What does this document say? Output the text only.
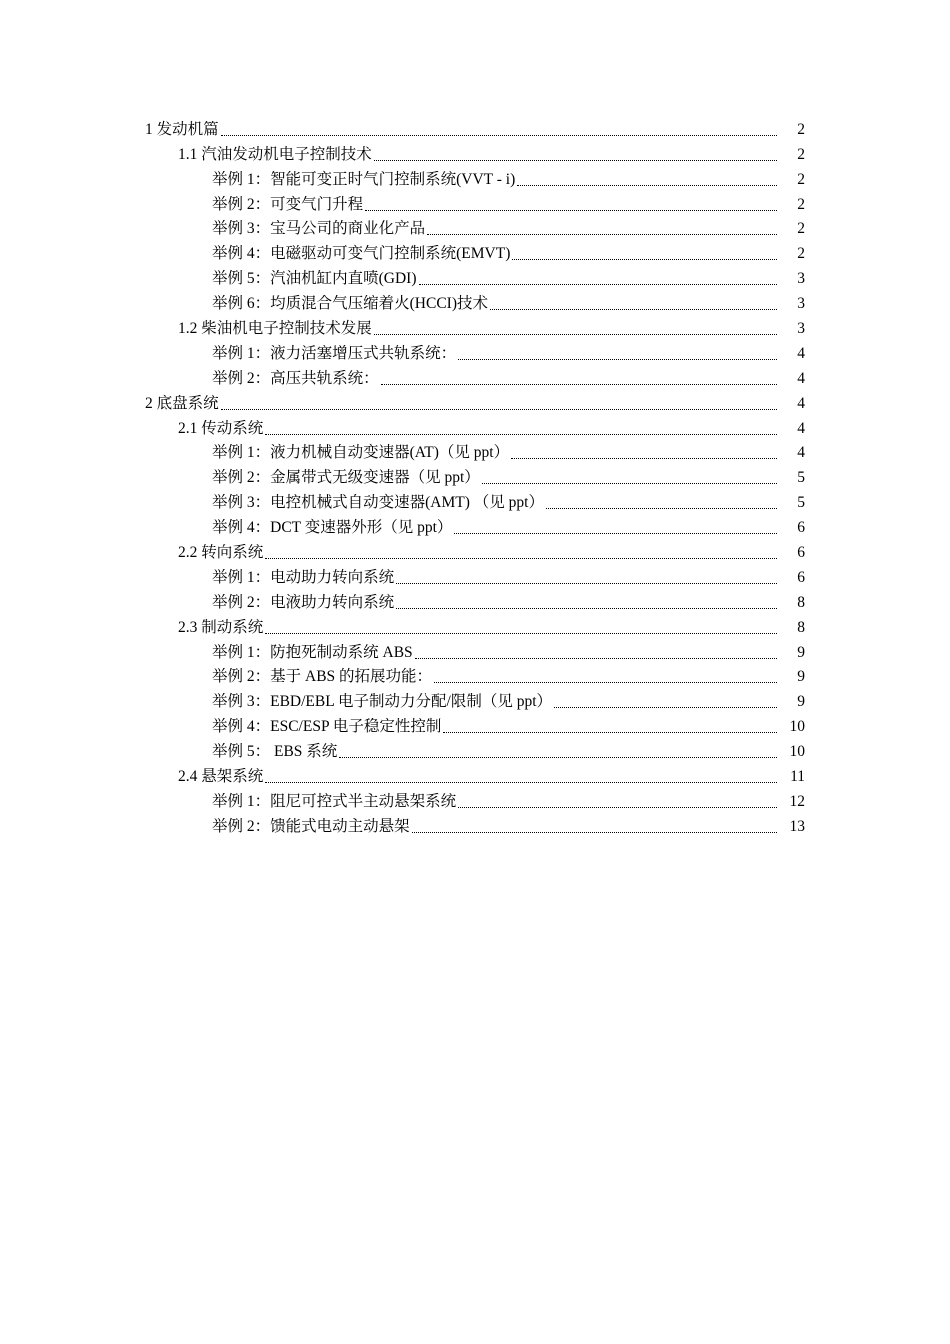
1 发动机篇	2
1.1 汽油发动机电子控制技术	2
举例 1：智能可变正时气门控制系统(VVT - i)	2
举例 2：可变气门升程	2
举例 3：宝马公司的商业化产品	2
举例 4：电磁驱动可变气门控制系统(EMVT)	2
举例 5：汽油机缸内直喷(GDI)	3
举例 6：均质混合气压缩着火(HCCI)技术	3
1.2 柴油机电子控制技术发展	3
举例 1：液力活塞增压式共轨系统：	4
举例 2：高压共轨系统：	4
2 底盘系统	4
2.1 传动系统	4
举例 1：液力机械自动变速器(AT)（见 ppt）	4
举例 2：金属带式无级变速器（见 ppt）	5
举例 3：电控机械式自动变速器(AMT) （见 ppt）	5
举例 4：DCT 变速器外形（见 ppt）	6
2.2 转向系统	6
举例 1：电动助力转向系统	6
举例 2：电液助力转向系统	8
2.3 制动系统	8
举例 1：防抱死制动系统 ABS	9
举例 2：基于 ABS 的拓展功能：	9
举例 3：EBD/EBL 电子制动力分配/限制（见 ppt）	9
举例 4：ESC/ESP 电子稳定性控制	10
举例 5： EBS 系统	10
2.4 悬架系统	11
举例 1：阻尼可控式半主动悬架系统	12
举例 2：馈能式电动主动悬架	13
